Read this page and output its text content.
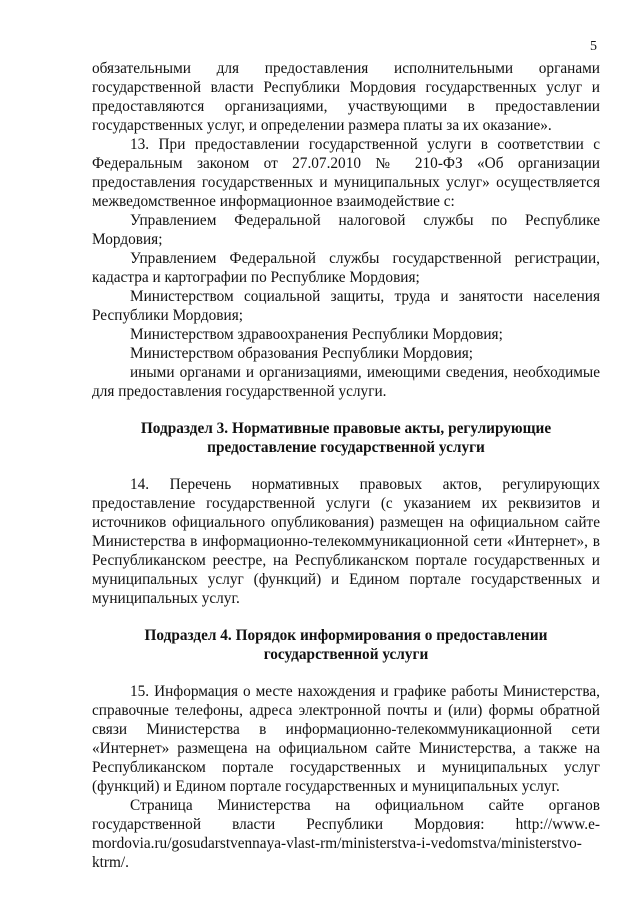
5

обязательными для предоставления исполнительными органами государственной власти Республики Мордовия государственных услуг и предоставляются организациями, участвующими в предоставлении государственных услуг, и определении размера платы за их оказание».

13. При предоставлении государственной услуги в соответствии с Федеральным законом от 27.07.2010 № 210-ФЗ «Об организации предоставления государственных и муниципальных услуг» осуществляется межведомственное информационное взаимодействие с:

Управлением Федеральной налоговой службы по Республике Мордовия;

Управлением Федеральной службы государственной регистрации, кадастра и картографии по Республике Мордовия;

Министерством социальной защиты, труда и занятости населения Республики Мордовия;

Министерством здравоохранения Республики Мордовия;

Министерством образования Республики Мордовия;

иными органами и организациями, имеющими сведения, необходимые для предоставления государственной услуги.

Подраздел 3. Нормативные правовые акты, регулирующие
предоставление государственной услуги

14. Перечень нормативных правовых актов, регулирующих предоставление государственной услуги (с указанием их реквизитов и источников официального опубликования) размещен на официальном сайте Министерства в информационно-телекоммуникационной сети «Интернет», в Республиканском реестре, на Республиканском портале государственных и муниципальных услуг (функций) и Едином портале государственных и муниципальных услуг.

Подраздел 4. Порядок информирования о предоставлении
государственной услуги

15. Информация о месте нахождения и графике работы Министерства, справочные телефоны, адреса электронной почты и (или) формы обратной связи Министерства в информационно-телекоммуникационной сети «Интернет» размещена на официальном сайте Министерства, а также на Республиканском портале государственных и муниципальных услуг (функций) и Едином портале государственных и муниципальных услуг.

Страница Министерства на официальном сайте органов государственной власти Республики Мордовия: http://www.e-mordovia.ru/gosudarstvennaya-vlast-rm/ministerstva-i-vedomstva/ministerstvo-ktrm/.
